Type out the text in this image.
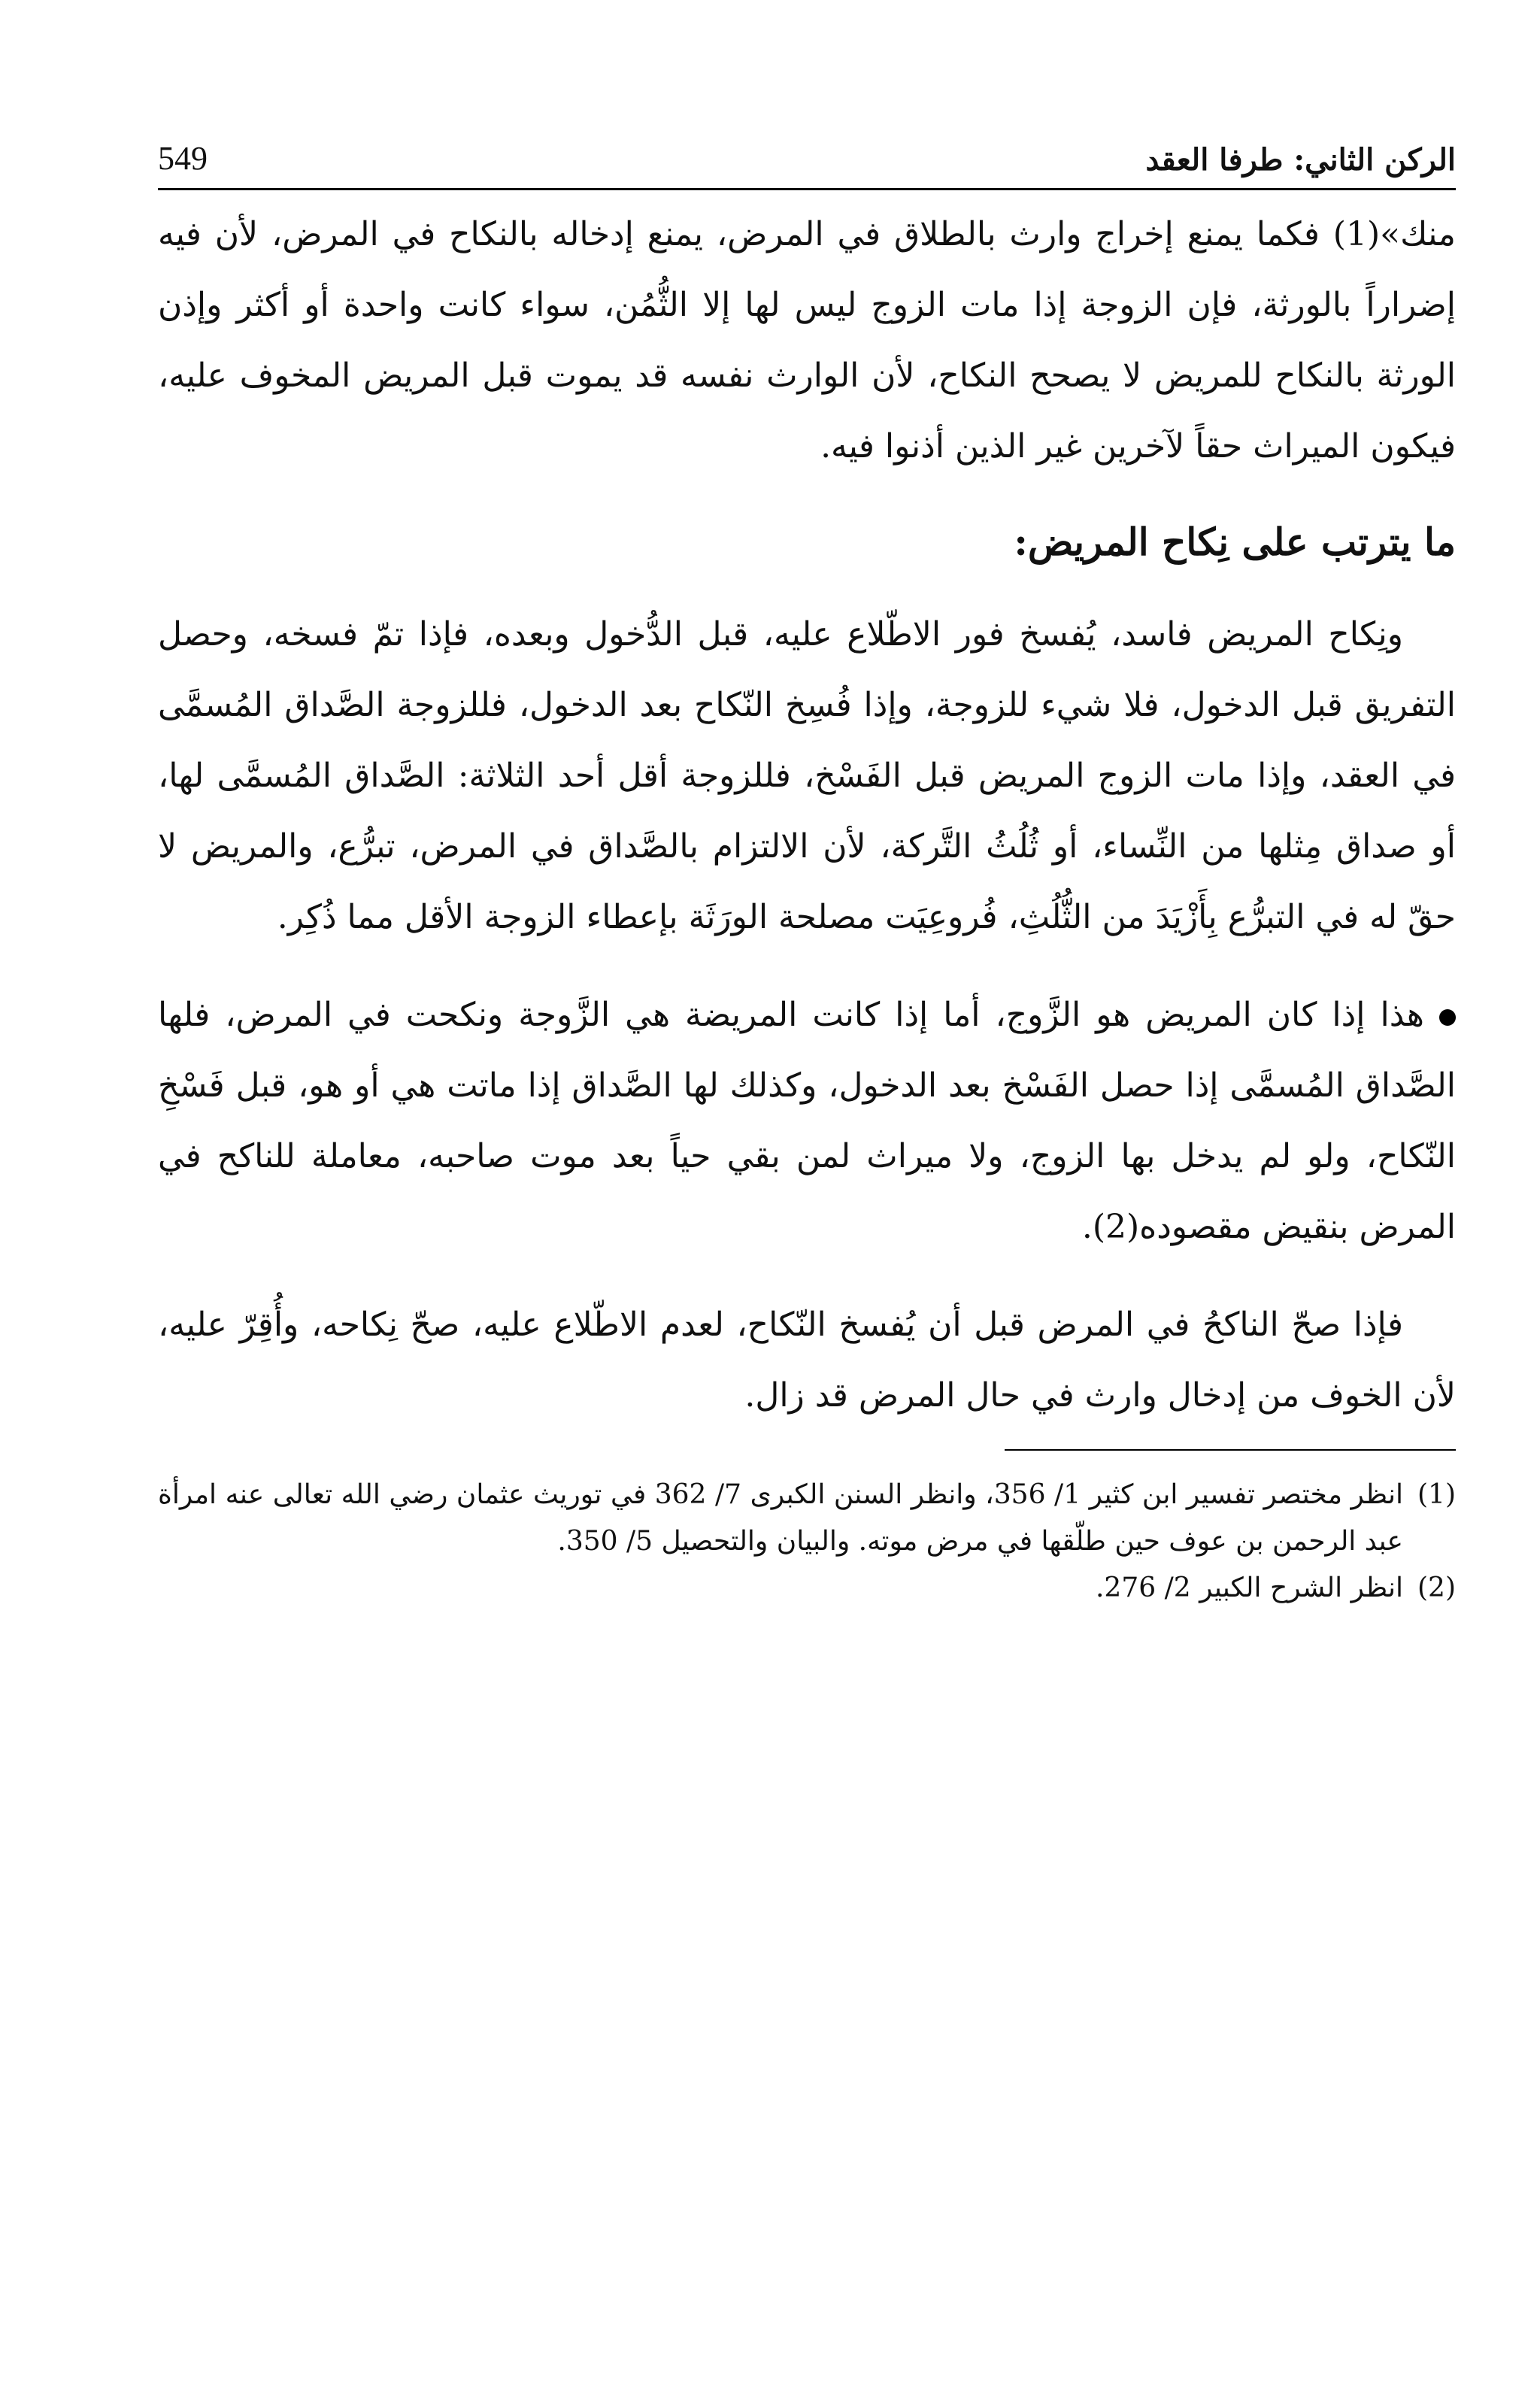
الركن الثاني: طرفا العقد
549

منك»(1) فكما يمنع إخراج وارث بالطلاق في المرض، يمنع إدخاله بالنكاح في المرض، لأن فيه إضراراً بالورثة، فإن الزوجة إذا مات الزوج ليس لها إلا الثُّمُن، سواء كانت واحدة أو أكثر وإذن الورثة بالنكاح للمريض لا يصحح النكاح، لأن الوارث نفسه قد يموت قبل المريض المخوف عليه، فيكون الميراث حقاً لآخرين غير الذين أذنوا فيه.

ما يترتب على نِكاح المريض:

ونِكاح المريض فاسد، يُفسخ فور الاطّلاع عليه، قبل الدُّخول وبعده، فإذا تمّ فسخه، وحصل التفريق قبل الدخول، فلا شيء للزوجة، وإذا فُسِخ النّكاح بعد الدخول، فللزوجة الصَّداق المُسمَّى في العقد، وإذا مات الزوج المريض قبل الفَسْخ، فللزوجة أقل أحد الثلاثة: الصَّداق المُسمَّى لها، أو صداق مِثلها من النِّساء، أو ثُلُثُ التَّركة، لأن الالتزام بالصَّداق في المرض، تبرُّع، والمريض لا حقّ له في التبرُّع بِأَزْيَدَ من الثُّلُثِ، فُروعِيَت مصلحة الورَثَة بإعطاء الزوجة الأقل مما ذُكِر.

هذا إذا كان المريض هو الزَّوج، أما إذا كانت المريضة هي الزَّوجة ونكحت في المرض، فلها الصَّداق المُسمَّى إذا حصل الفَسْخ بعد الدخول، وكذلك لها الصَّداق إذا ماتت هي أو هو، قبل فَسْخِ النّكاح، ولو لم يدخل بها الزوج، ولا ميراث لمن بقي حياً بعد موت صاحبه، معاملة للناكح في المرض بنقيض مقصوده(2).

فإذا صحّ الناكحُ في المرض قبل أن يُفسخ النّكاح، لعدم الاطّلاع عليه، صحّ نِكاحه، وأُقِرّ عليه، لأن الخوف من إدخال وارث في حال المرض قد زال.

(1)
انظر مختصر تفسير ابن كثير 1/ 356، وانظر السنن الكبرى 7/ 362 في توريث عثمان رضي الله تعالى عنه امرأة عبد الرحمن بن عوف حين طلّقها في مرض موته. والبيان والتحصيل 5/ 350.
(2)
انظر الشرح الكبير 2/ 276.
